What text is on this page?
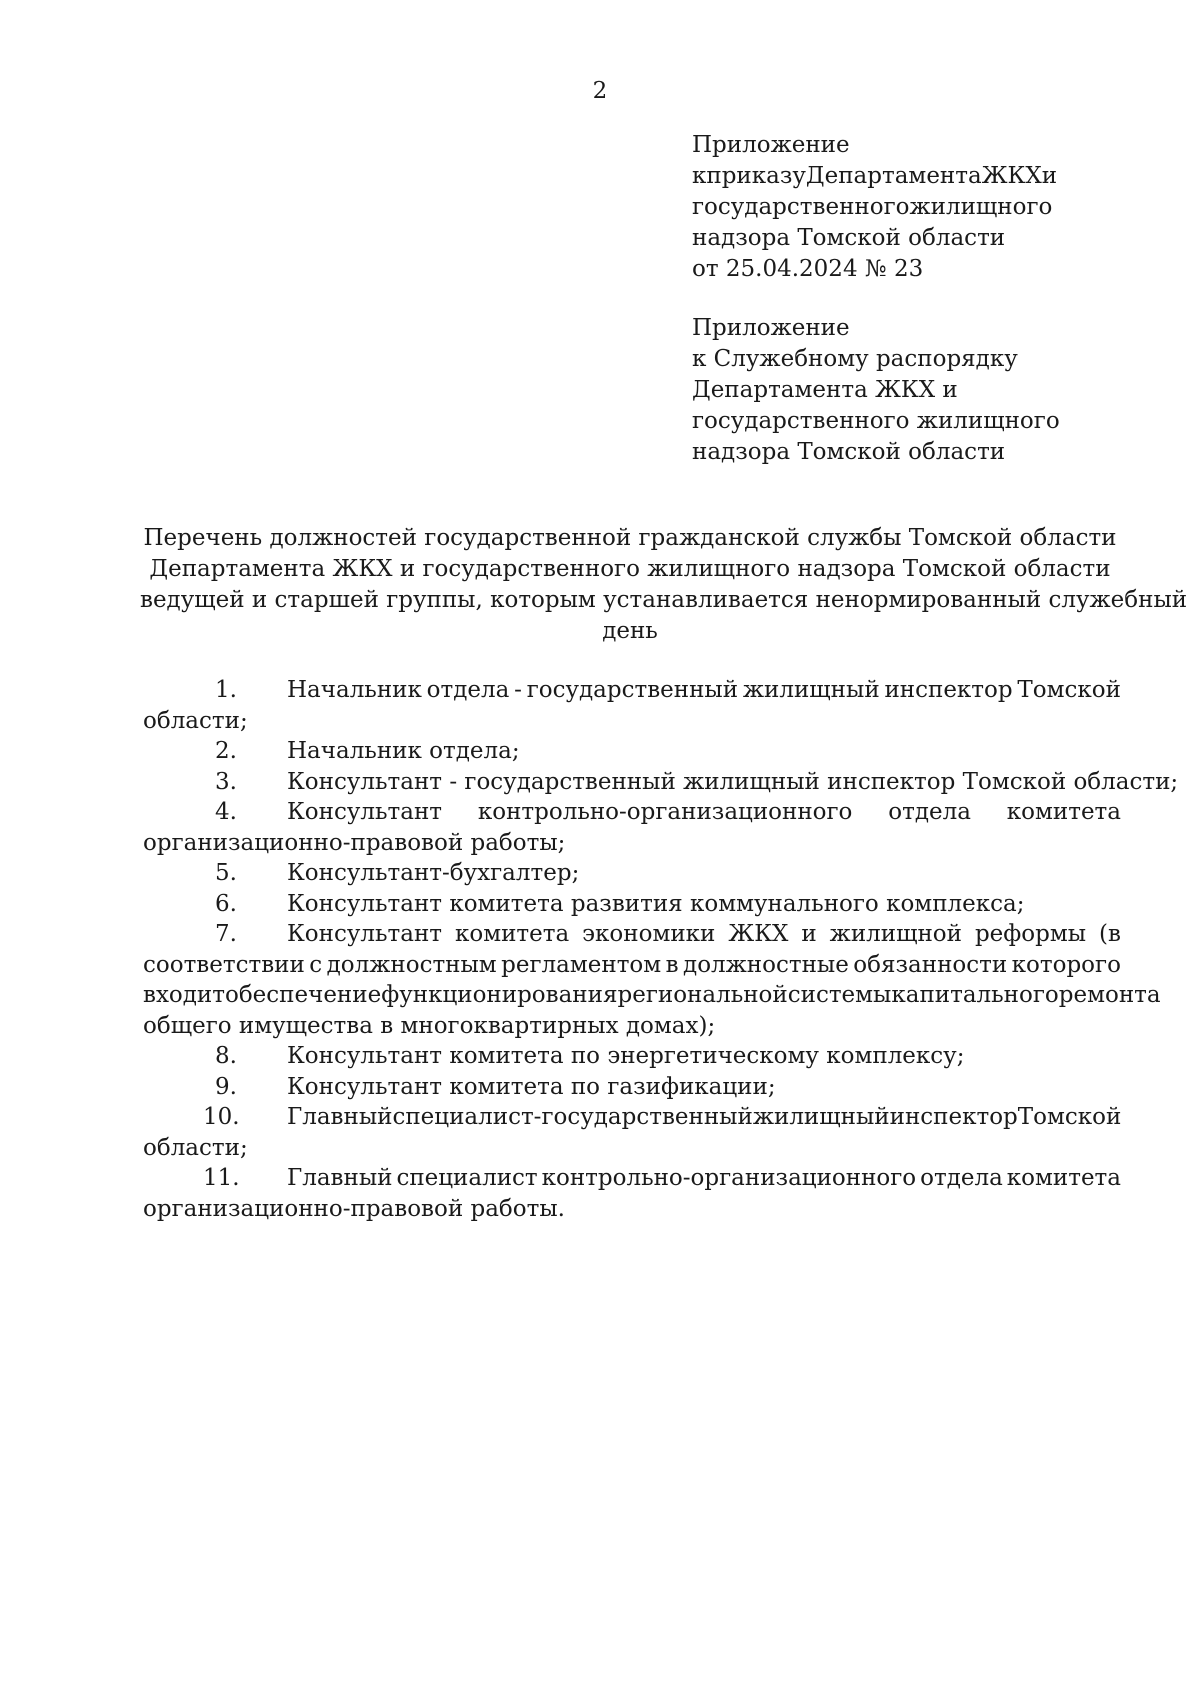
2
Приложение
кприказуДепартаментаЖКХи
государственногожилищного
надзора Томской области
от 25.04.2024 № 23
Приложение
к Служебному распорядку
Департамента ЖКХ и
государственного жилищного
надзора Томской области
Перечень должностей государственной гражданской службы Томской области
Департамента ЖКХ и государственного жилищного надзора Томской области
ведущей и старшей группы, которым устанавливается ненормированный служебный
день
1.	Начальник отдела - государственный жилищный инспектор Томской
области;
2.	Начальник отдела;
3.	Консультант - государственный жилищный инспектор Томской области;
4.	Консультант контрольно-организационного отдела комитета
организационно-правовой работы;
5.	Консультант-бухгалтер;
6.	Консультант комитета развития коммунального комплекса;
7.	Консультант комитета экономики ЖКХ и жилищной реформы (в
соответствии с должностным регламентом в должностные обязанности которого
входит обеспечение функционирования региональной системы капитального ремонта
общего имущества в многоквартирных домах);
8.	Консультант комитета по энергетическому комплексу;
9.	Консультант комитета по газификации;
10.	Главный специалист - государственный жилищный инспектор Томской
области;
11.	Главный специалист контрольно-организационного отдела комитета
организационно-правовой работы.
